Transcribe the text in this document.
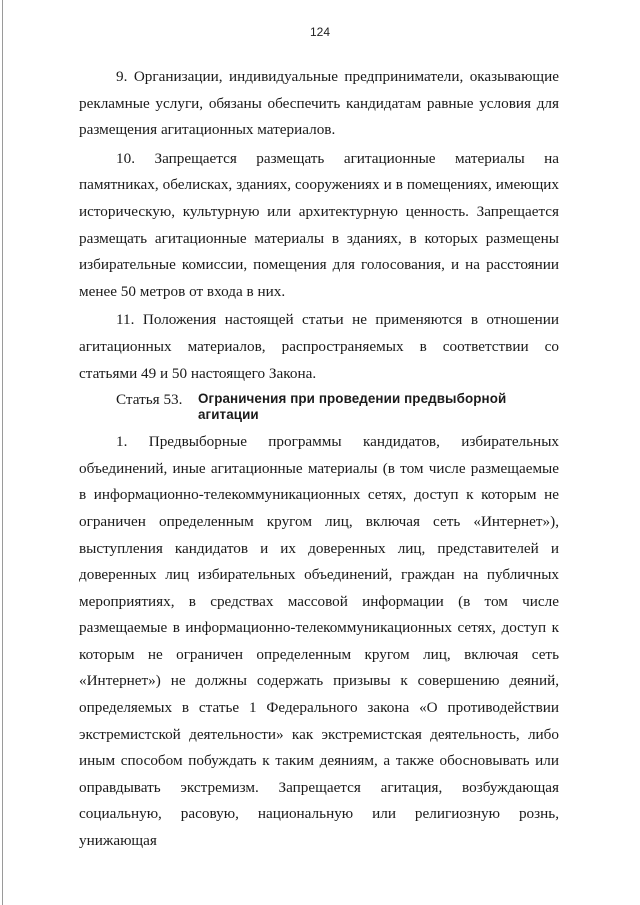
124

9. Организации, индивидуальные предприниматели, оказывающие рекламные услуги, обязаны обеспечить кандидатам равные условия для размещения агитационных материалов.

10. Запрещается размещать агитационные материалы на памятниках, обелисках, зданиях, сооружениях и в помещениях, имеющих историческую, культурную или архитектурную ценность. Запрещается размещать агитационные материалы в зданиях, в которых размещены избирательные комиссии, помещения для голосования, и на расстоянии менее 50 метров от входа в них.

11. Положения настоящей статьи не применяются в отношении агитационных материалов, распространяемых в соответствии со статьями 49 и 50 настоящего Закона.

Статья 53.	Ограничения при проведении предвыборной агитации

1. Предвыборные программы кандидатов, избирательных объединений, иные агитационные материалы (в том числе размещаемые в информационно-телекоммуникационных сетях, доступ к которым не ограничен определенным кругом лиц, включая сеть «Интернет»), выступления кандидатов и их доверенных лиц, представителей и доверенных лиц избирательных объединений, граждан на публичных мероприятиях, в средствах массовой информации (в том числе размещаемые в информационно-телекоммуникационных сетях, доступ к которым не ограничен определенным кругом лиц, включая сеть «Интернет») не должны содержать призывы к совершению деяний, определяемых в статье 1 Федерального закона «О противодействии экстремистской деятельности» как экстремистская деятельность, либо иным способом побуждать к таким деяниям, а также обосновывать или оправдывать экстремизм. Запрещается агитация, возбуждающая социальную, расовую, национальную или религиозную рознь, унижающая
